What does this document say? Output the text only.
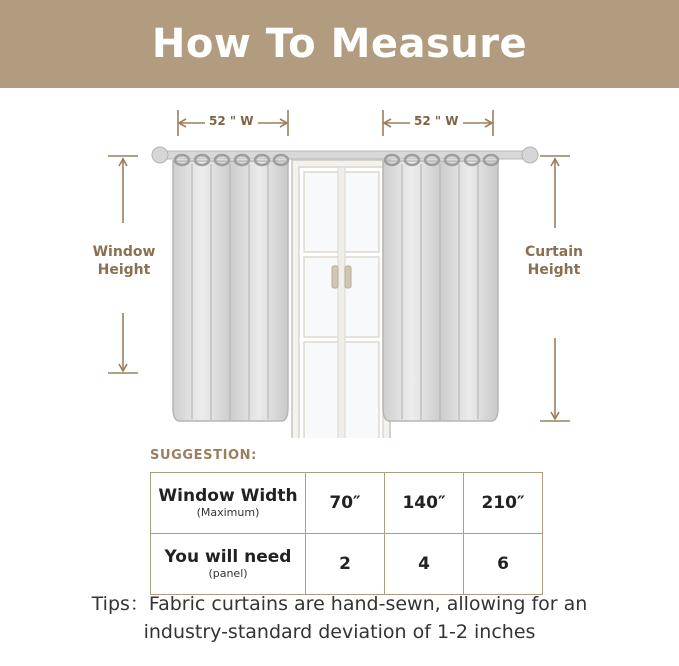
How To Measure
52 " W	52 " W
Window
Height
Curtain
Height
SUGGESTION:
Window Width
(Maximum)	70″	140″	210″

You will need
(panel)	2	4	6
Tips：Fabric curtains are hand-sewn, allowing for an
industry-standard deviation of 1-2 inches
